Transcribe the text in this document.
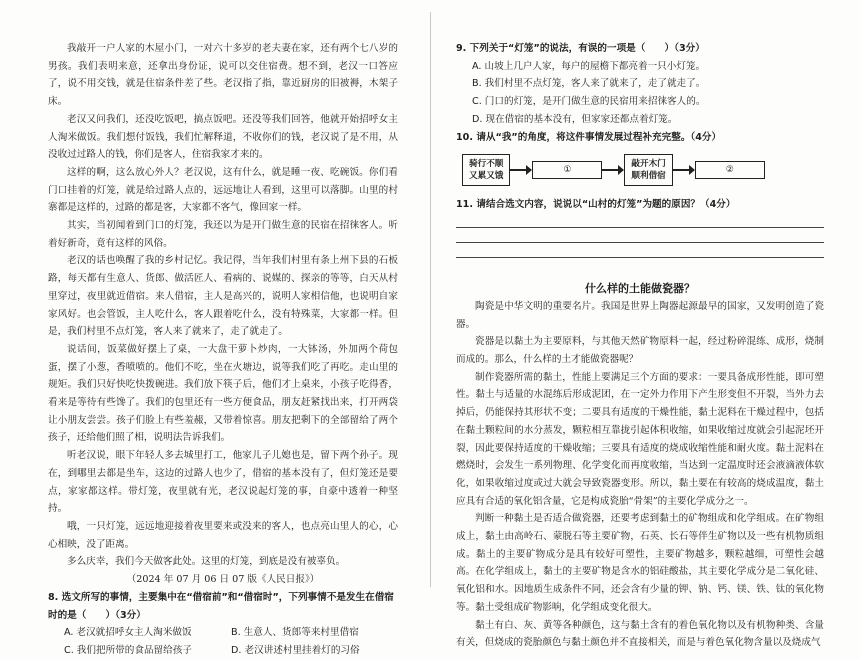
我敲开一户人家的木屋小门，一对六十多岁的老夫妻在家，还有两个七八岁的男孩。我们表明来意，还拿出身份证，说可以交住宿费。想不到，老汉一口答应了，说不用交钱，就是住宿条件差了些。老汉指了指，靠近厨房的旧被褥，木架子床。

老汉又问我们，还没吃饭吧，搞点饭吧。还没等我们回答，他就开始招呼女主人淘米做饭。我们想付饭钱，我们忙解释道，不收你们的钱，老汉说了是不用，从没收过过路人的钱，你们是客人，住宿我家才来的。

这样的啊，这么放心外人？老汉说，这有什么，就是睡一夜、吃碗饭。你们看门口挂着的灯笼，就是给过路人点的，远远地让人看到，这里可以落脚。山里的村寨都是这样的，过路的都是客，大家都不客气，像回家一样。

其实，当初闻着到门口的灯笼，我还以为是开门做生意的民宿在招徕客人。听着好新奇，竟有这样的风俗。

老汉的话也唤醒了我的乡村记忆。我记得，当年我们村里有条上州下县的石板路，每天都有生意人、货郎、做活匠人、看病的、说媒的、探亲的等等，白天从村里穿过，夜里就近借宿。来人借宿，主人是高兴的，说明人家相信他，也说明自家家风好。也会管饭，主人吃什么，客人跟着吃什么，没有特殊菜，大家都一样。但是，我们村里不点灯笼，客人来了就来了，走了就走了。

说话间，饭菜做好摆上了桌，一大盘干萝卜炒肉，一大钵汤，外加两个荷包蛋，摆了小葱，香喷喷的。他们不吃，坐在火塘边，说等我们吃了再吃。走山里的规矩。我们只好快吃快拨碗进。我们放下筷子后，他们才上桌来，小孩子吃得香，看来是等待有些馋了。我们的包里还有一些方便食品，朋友赶紧找出来，打开两袋让小朋友尝尝。孩子们脸上有些羞赧，又带着惊喜。朋友把剩下的全部留给了两个孩子，还给他们照了相，说明法告诉我们。

听老汉说，眼下年轻人多去城里打工，他家儿子儿媳也是，留下两个孙子。现在，到哪里去都是坐车，这边的过路人也少了，借宿的基本没有了，但灯笼还是要点，家家都这样。带灯笼，夜里就有光，老汉说起灯笼的事，自豪中透着一种坚持。

哦，一只灯笼，远远地迎接着夜里要来或没来的客人，也点亮山里人的心，心心相映，没了距离。

多么庆幸，我们今天做客此处。这里的灯笼，到底是没有被辜负。

（2024 年 07 月 06 日 07 版《人民日报》）

8. 选文所写的事情，主要集中在“借宿前”和“借宿时”，下列事情不是发生在借宿时的是（　　）（3分）

A. 老汉就招呼女主人淘米做饭	B. 生意人、货郎等来村里借宿
C. 我们把所带的食品留给孩子	D. 老汉讲述村里挂着灯的习俗

9. 下列关于“灯笼”的说法，有误的一项是（　　）（3分）

A. 山坡上几户人家，每户的屋檐下都亮着一只小灯笼。

B. 我们村里不点灯笼，客人来了就来了，走了就走了。

C. 门口的灯笼，是开门做生意的民宿用来招徕客人的。

D. 现在借宿的基本没有，但家家还都点着灯笼。

10. 请从“我”的角度，将这件事情发展过程补充完整。（4分）

骑行不顺
又累又饿
①
敲开木门
顺利借宿
②

11. 请结合选文内容，说说以“山村的灯笼”为题的原因？（4分）

什么样的土能做瓷器？

陶瓷是中华文明的重要名片。我国是世界上陶器起源最早的国家，又发明创造了瓷器。

瓷器是以黏土为主要原料，与其他天然矿物原料一起，经过粉碎混练、成形，烧制而成的。那么，什么样的土才能做瓷器呢？

制作瓷器所需的黏土，性能上要满足三个方面的要求：一要具备成形性能，即可塑性。黏土与适量的水混练后形成泥团，在一定外力作用下产生形变但不开裂，当外力去掉后，仍能保持其形状不变；二要具有适度的干燥性能，黏土泥料在干燥过程中，包括在黏土颗粒间的水分蒸发，颗粒相互靠拢引起体积收缩，如果收缩过度就会引起泥坯开裂，因此要保持适度的干燥收缩；三要具有适度的烧成收缩性能和耐火度。黏土泥料在燃烧时，会发生一系列物理、化学变化而再度收缩，当达到一定温度时还会液滴液体软化，如果收缩过度或过大就会导致瓷器变形。所以，黏土要在有较高的烧成温度，黏土应具有合适的氧化铝含量，它是构成瓷胎“骨架”的主要化学成分之一。

判断一种黏土是否适合做瓷器，还要考虑到黏土的矿物组成和化学组成。在矿物组成上，黏土由高岭石、蒙脱石等主要矿物，石英、长石等伴生矿物以及一些有机物质组成。黏土的主要矿物成分是具有较好可塑性，主要矿物越多，颗粒越细，可塑性会越高。在化学组成上，黏土的主要矿物是含水的铝硅酸盐，其主要化学成分是二氧化硅、氧化铝和水。因地质生成条件不同，还会含有少量的钾、钠、钙、镁、铁、钛的氧化物等。黏土受组成矿物影响，化学组成变化很大。

黏土有白、灰、黄等各种颜色，这与黏土含有的着色氧化物以及有机物种类、含量有关，但烧成的瓷胎颜色与黏土颜色并不直接相关，而是与着色氧化物含量以及烧成气
